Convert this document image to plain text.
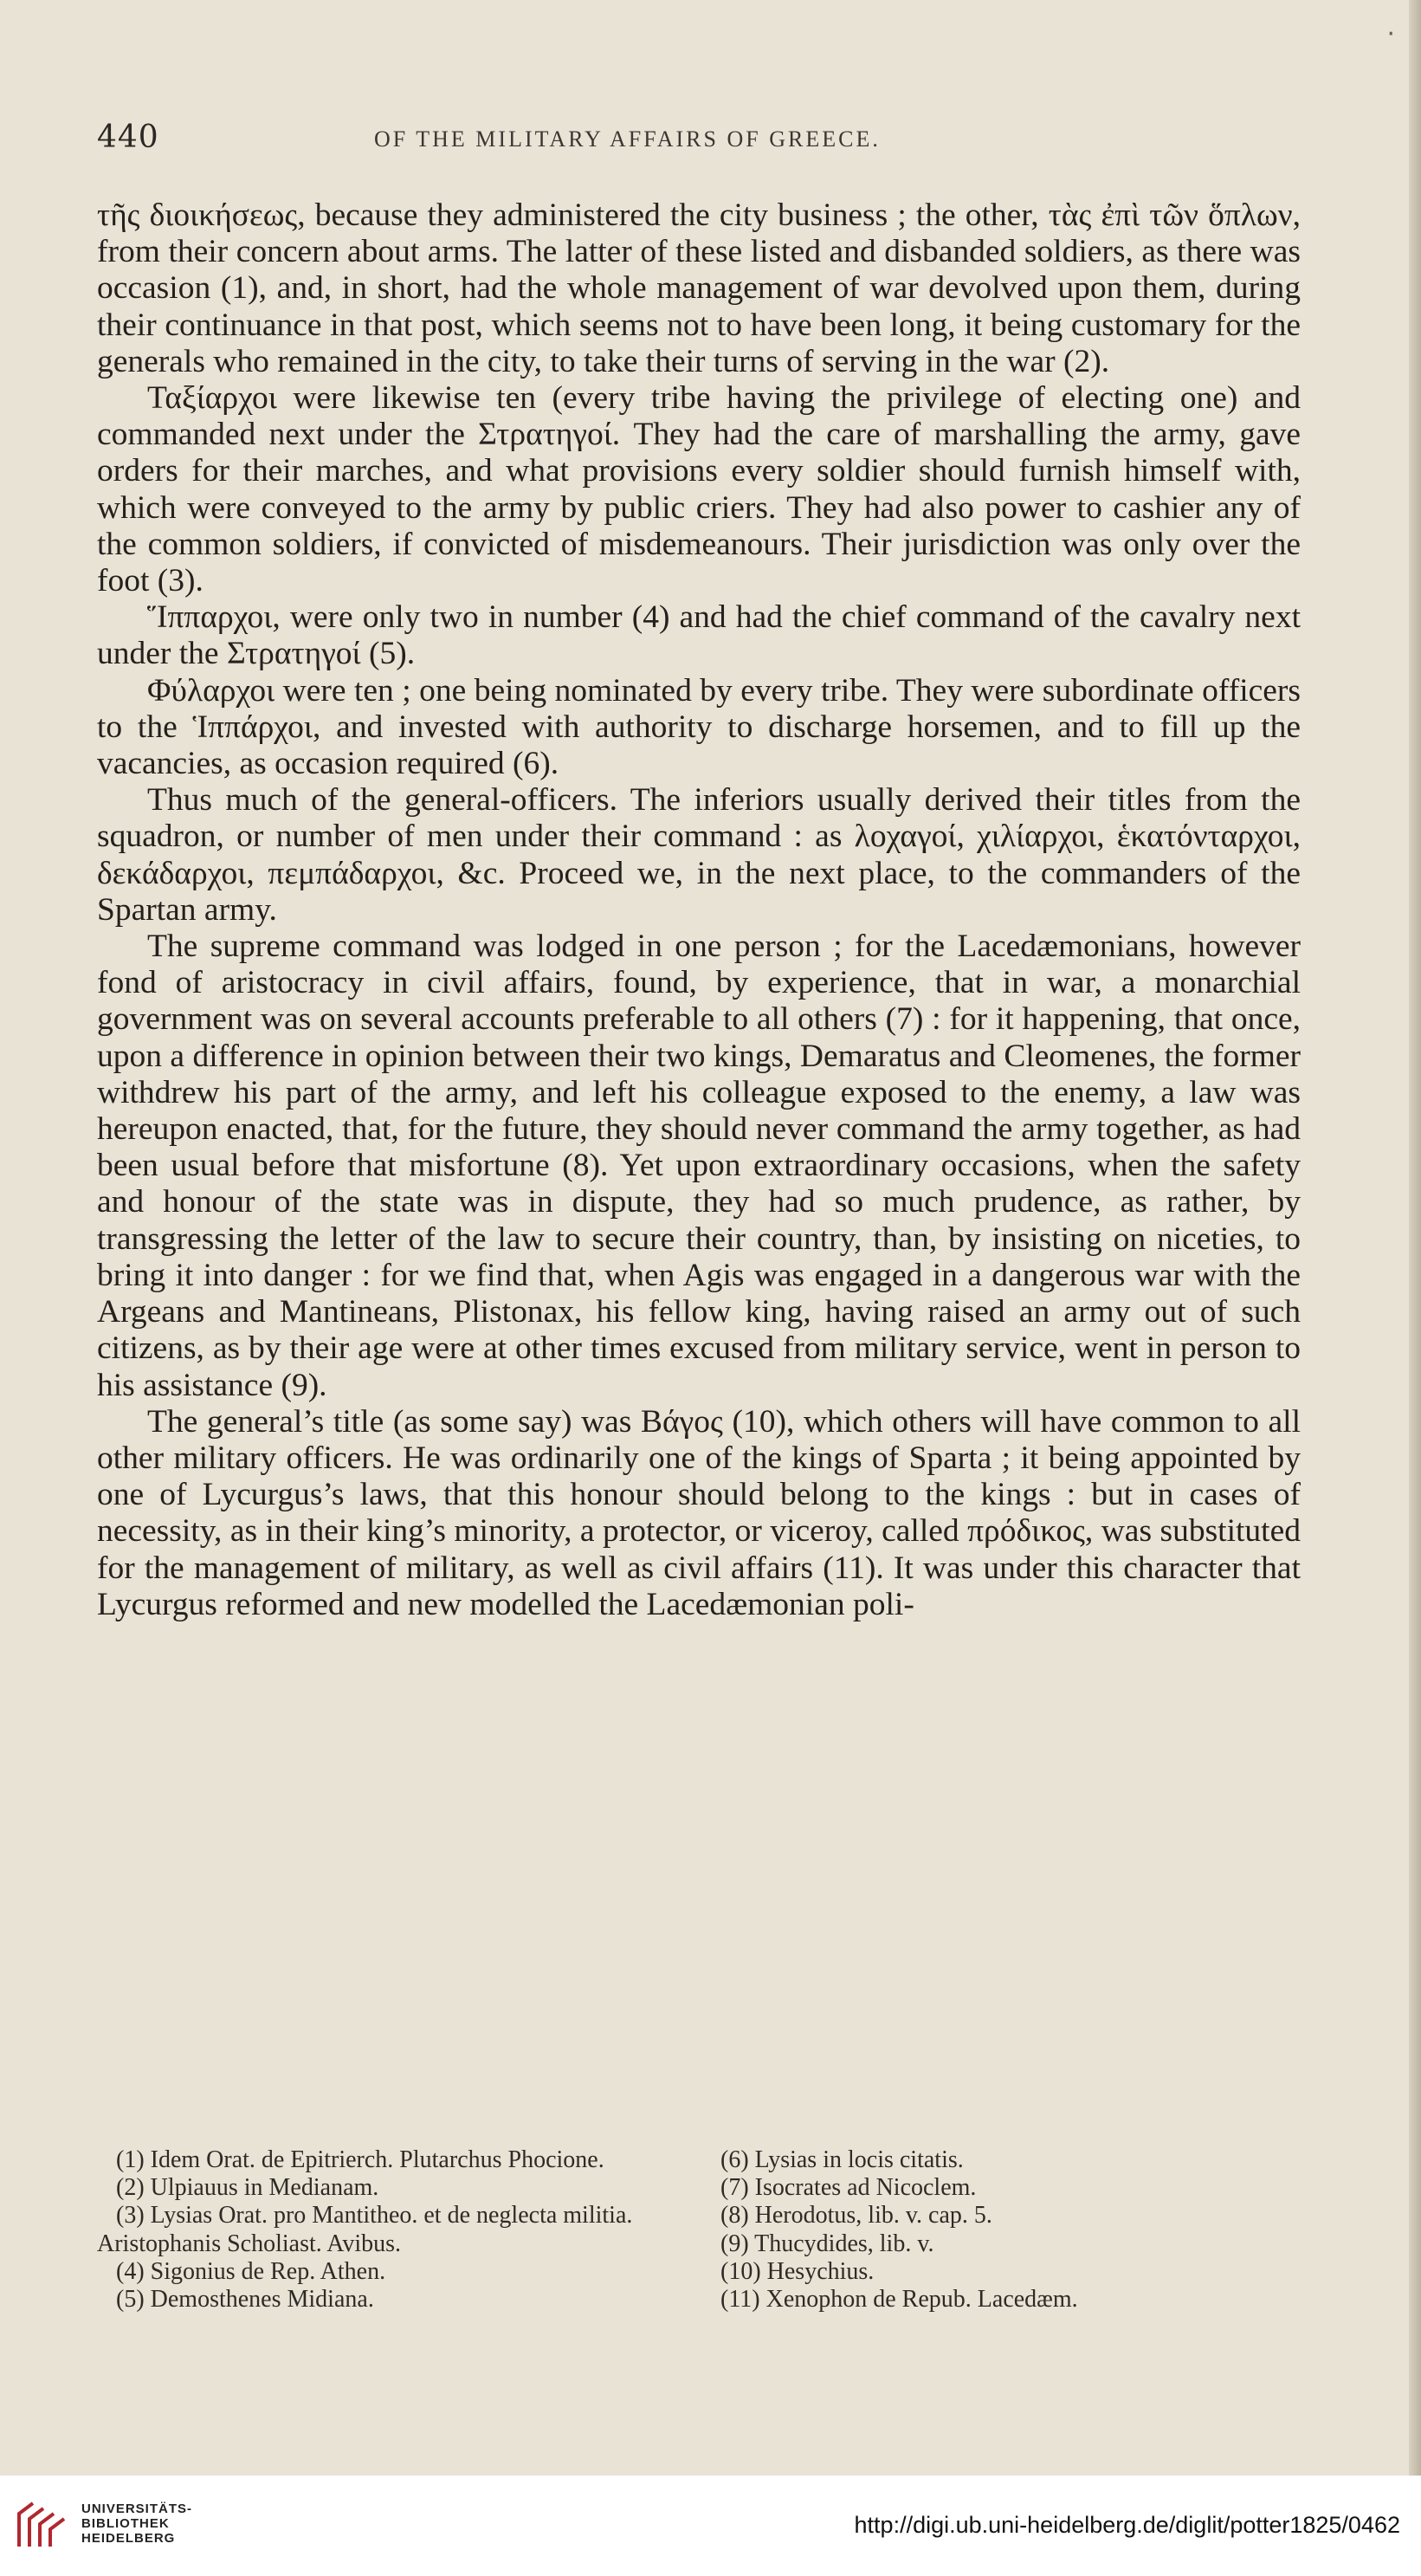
·
440	OF THE MILITARY AFFAIRS OF GREECE.

τῆς διοικήσεως, because they administered the city business ; the other, τὰς ἐπὶ τῶν ὅπλων, from their concern about arms. The latter of these listed and disbanded soldiers, as there was occasion (1), and, in short, had the whole management of war devolved upon them, during their continuance in that post, which seems not to have been long, it being customary for the generals who remained in the city, to take their turns of serving in the war (2).

Ταξίαρχοι were likewise ten (every tribe having the privilege of electing one) and commanded next under the Στρατηγοί. They had the care of marshalling the army, gave orders for their marches, and what provisions every soldier should furnish himself with, which were conveyed to the army by public criers. They had also power to cashier any of the common soldiers, if convicted of misdemeanours. Their jurisdiction was only over the foot (3).

Ἵππαρχοι, were only two in number (4) and had the chief command of the cavalry next under the Στρατηγοί (5).

Φύλαρχοι were ten ; one being nominated by every tribe. They were subordinate officers to the Ἱππάρχοι, and invested with authority to discharge horsemen, and to fill up the vacancies, as occasion required (6).

Thus much of the general-officers. The inferiors usually derived their titles from the squadron, or number of men under their command : as λοχαγοί, χιλίαρχοι, ἑκατόνταρχοι, δεκάδαρχοι, πεμπάδαρχοι, &c. Proceed we, in the next place, to the commanders of the Spartan army.

The supreme command was lodged in one person ; for the Lacedæmonians, however fond of aristocracy in civil affairs, found, by experience, that in war, a monarchial government was on several accounts preferable to all others (7) : for it happening, that once, upon a difference in opinion between their two kings, Demaratus and Cleomenes, the former withdrew his part of the army, and left his colleague exposed to the enemy, a law was hereupon enacted, that, for the future, they should never command the army together, as had been usual before that misfortune (8). Yet upon extraordinary occasions, when the safety and honour of the state was in dispute, they had so much prudence, as rather, by transgressing the letter of the law to secure their country, than, by insisting on niceties, to bring it into danger : for we find that, when Agis was engaged in a dangerous war with the Argeans and Mantineans, Plistonax, his fellow king, having raised an army out of such citizens, as by their age were at other times excused from military service, went in person to his assistance (9).

The general’s title (as some say) was Βάγος (10), which others will have common to all other military officers. He was ordinarily one of the kings of Sparta ; it being appointed by one of Lycurgus’s laws, that this honour should belong to the kings : but in cases of necessity, as in their king’s minority, a protector, or viceroy, called πρόδικος, was substituted for the management of military, as well as civil affairs (11). It was under this character that Lycurgus reformed and new modelled the Lacedæmonian poli-

(1) Idem Orat. de Epitrierch. Plutarchus Phocione.
(2) Ulpiauus in Medianam.
(3) Lysias Orat. pro Mantitheo. et de neglecta militia. Aristophanis Scholiast. Avibus.
(4) Sigonius de Rep. Athen.
(5) Demosthenes Midiana.
(6) Lysias in locis citatis.
(7) Isocrates ad Nicoclem.
(8) Herodotus, lib. v. cap. 5.
(9) Thucydides, lib. v.
(10) Hesychius.
(11) Xenophon de Repub. Lacedæm.
UNIVERSITÄTS-
BIBLIOTHEK
HEIDELBERG
http://digi.ub.uni-heidelberg.de/diglit/potter1825/0462
